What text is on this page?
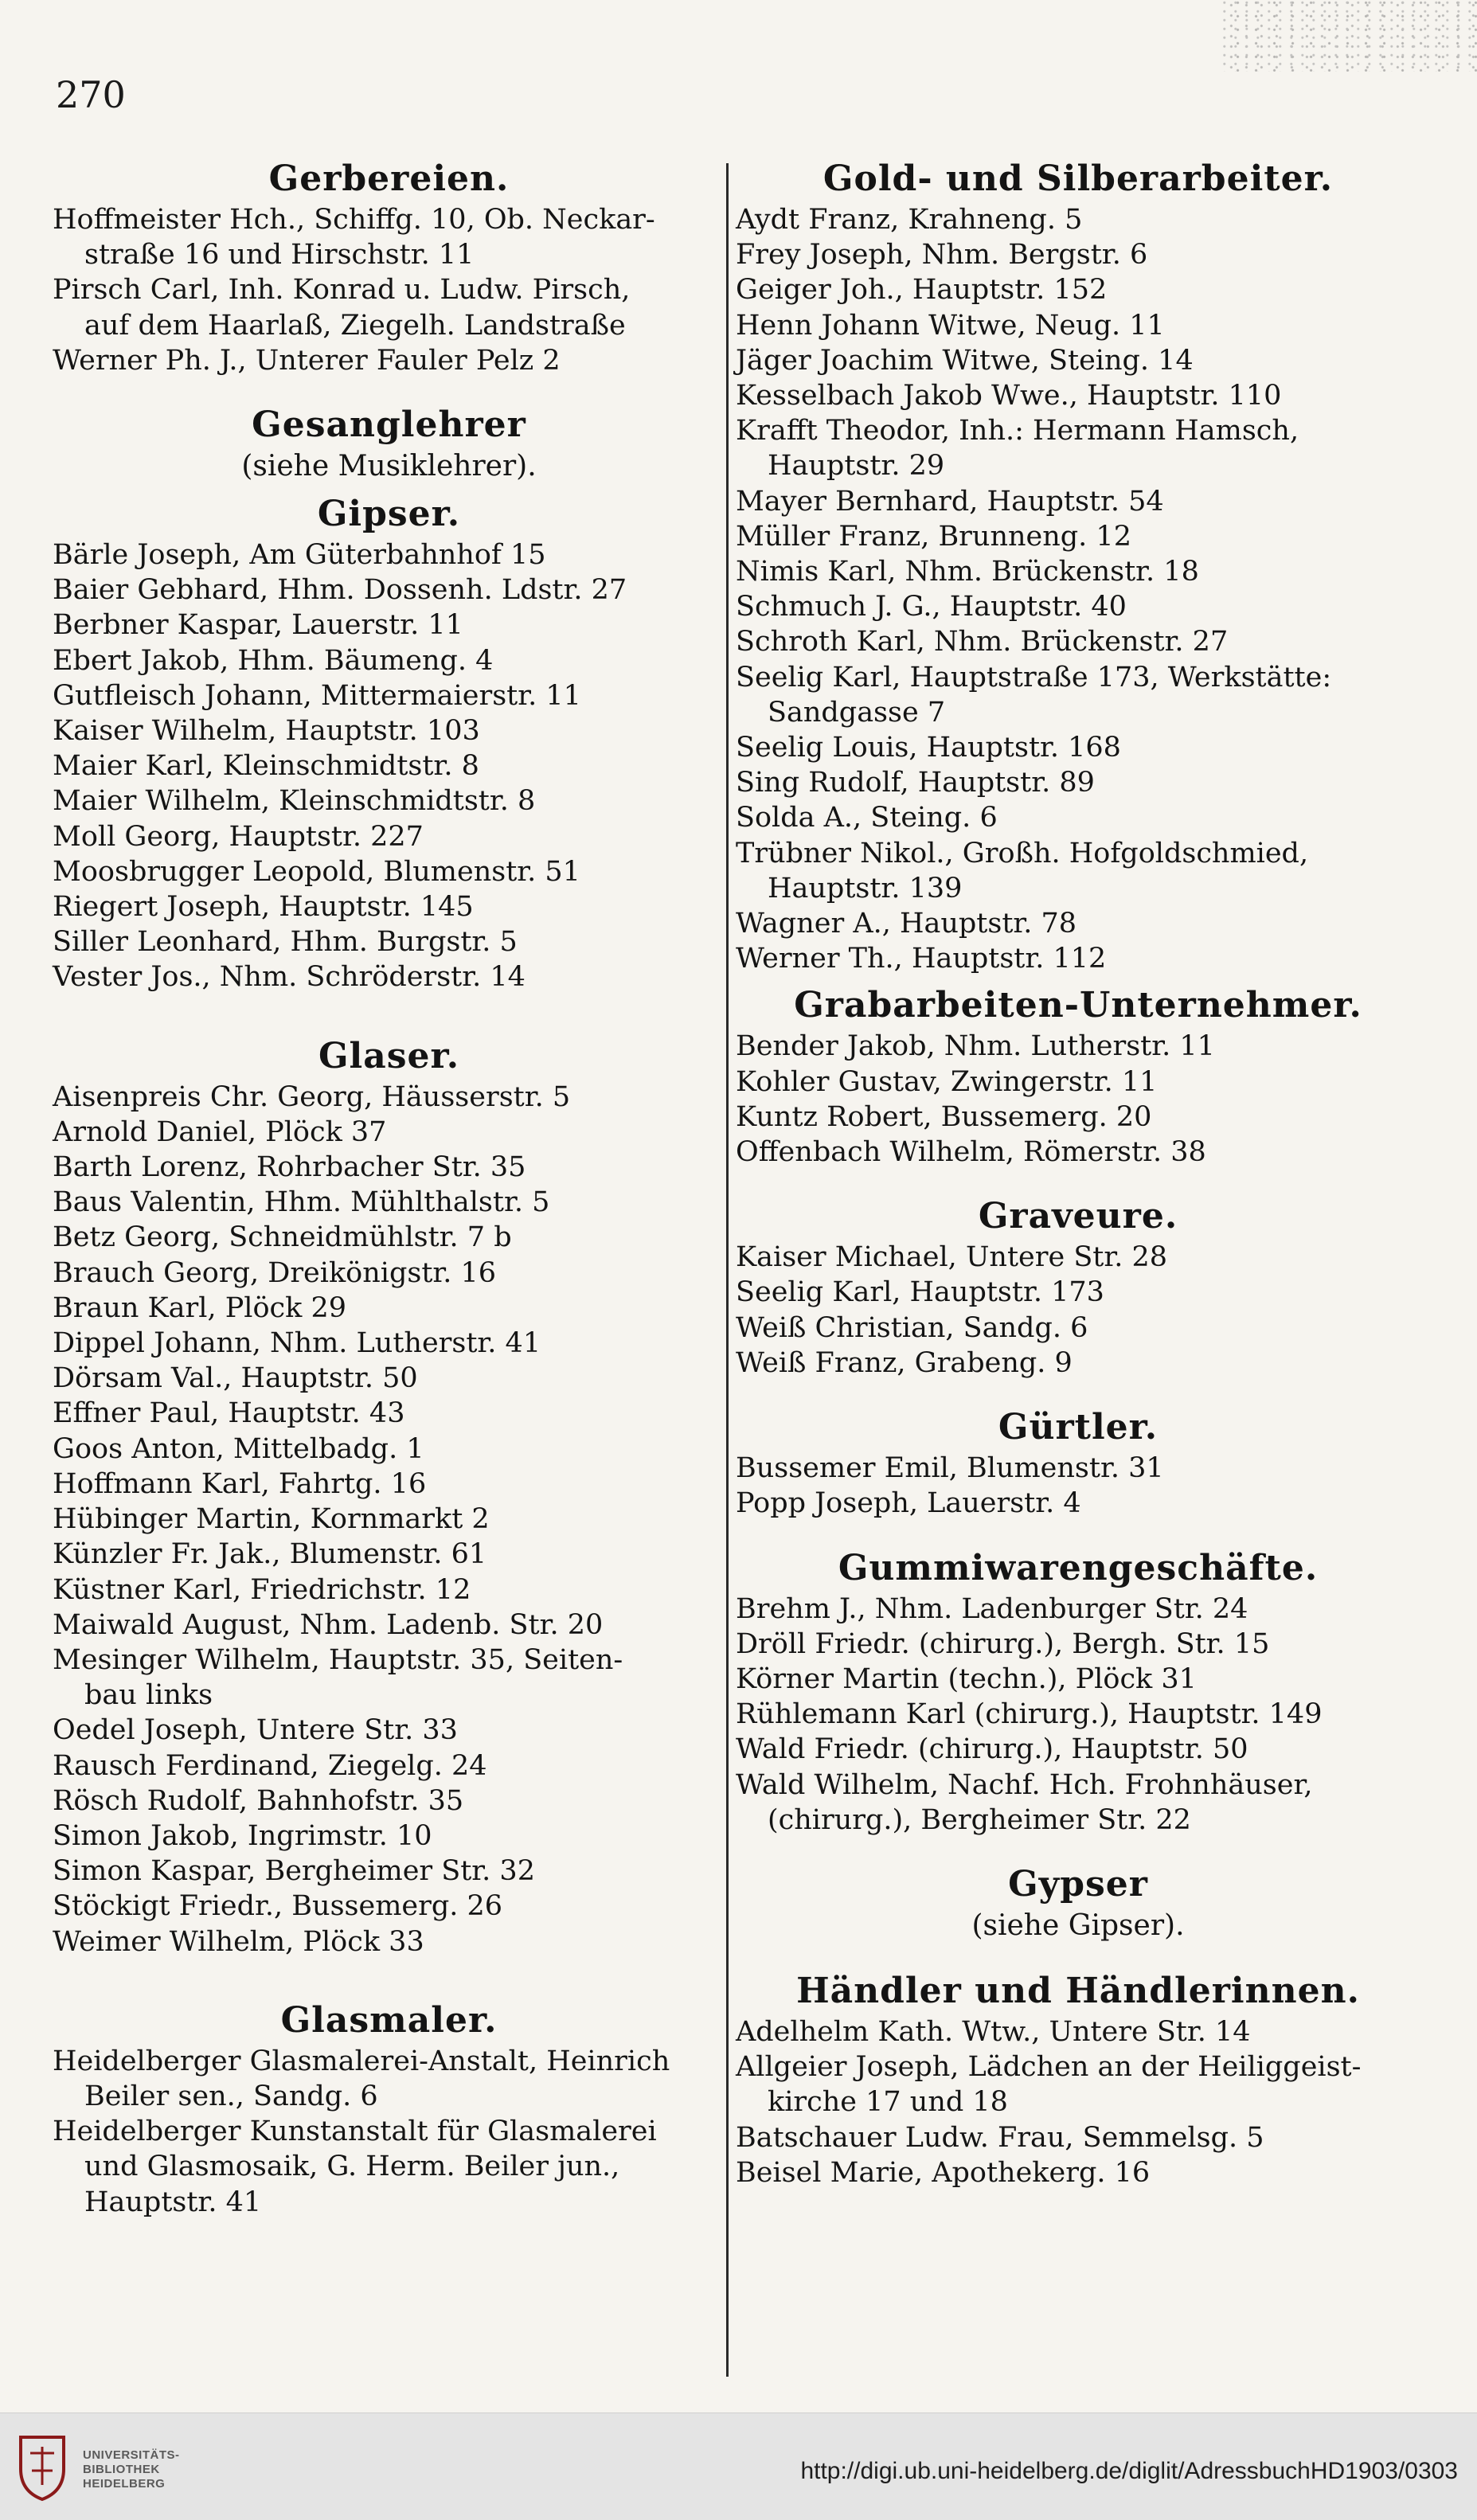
270
Gerbereien.
Hoffmeister Hch., Schiffg. 10, Ob. Neckar-
straße 16 und Hirschstr. 11
Pirsch Carl, Inh. Konrad u. Ludw. Pirsch,
auf dem Haarlaß, Ziegelh. Landstraße
Werner Ph. J., Unterer Fauler Pelz 2
Gesanglehrer
(siehe Musiklehrer).
Gipser.
Bärle Joseph, Am Güterbahnhof 15
Baier Gebhard, Hhm. Dossenh. Ldstr. 27
Berbner Kaspar, Lauerstr. 11
Ebert Jakob, Hhm. Bäumeng. 4
Gutfleisch Johann, Mittermaierstr. 11
Kaiser Wilhelm, Hauptstr. 103
Maier Karl, Kleinschmidtstr. 8
Maier Wilhelm, Kleinschmidtstr. 8
Moll Georg, Hauptstr. 227
Moosbrugger Leopold, Blumenstr. 51
Riegert Joseph, Hauptstr. 145
Siller Leonhard, Hhm. Burgstr. 5
Vester Jos., Nhm. Schröderstr. 14
Glaser.
Aisenpreis Chr. Georg, Häusserstr. 5
Arnold Daniel, Plöck 37
Barth Lorenz, Rohrbacher Str. 35
Baus Valentin, Hhm. Mühlthalstr. 5
Betz Georg, Schneidmühlstr. 7 b
Brauch Georg, Dreikönigstr. 16
Braun Karl, Plöck 29
Dippel Johann, Nhm. Lutherstr. 41
Dörsam Val., Hauptstr. 50
Effner Paul, Hauptstr. 43
Goos Anton, Mittelbadg. 1
Hoffmann Karl, Fahrtg. 16
Hübinger Martin, Kornmarkt 2
Künzler Fr. Jak., Blumenstr. 61
Küstner Karl, Friedrichstr. 12
Maiwald August, Nhm. Ladenb. Str. 20
Mesinger Wilhelm, Hauptstr. 35, Seiten-
bau links
Oedel Joseph, Untere Str. 33
Rausch Ferdinand, Ziegelg. 24
Rösch Rudolf, Bahnhofstr. 35
Simon Jakob, Ingrimstr. 10
Simon Kaspar, Bergheimer Str. 32
Stöckigt Friedr., Bussemerg. 26
Weimer Wilhelm, Plöck 33
Glasmaler.
Heidelberger Glasmalerei-Anstalt, Heinrich
Beiler sen., Sandg. 6
Heidelberger Kunstanstalt für Glasmalerei
und Glasmosaik, G. Herm. Beiler jun.,
Hauptstr. 41
Gold- und Silberarbeiter.
Aydt Franz, Krahneng. 5
Frey Joseph, Nhm. Bergstr. 6
Geiger Joh., Hauptstr. 152
Henn Johann Witwe, Neug. 11
Jäger Joachim Witwe, Steing. 14
Kesselbach Jakob Wwe., Hauptstr. 110
Krafft Theodor, Inh.: Hermann Hamsch,
Hauptstr. 29
Mayer Bernhard, Hauptstr. 54
Müller Franz, Brunneng. 12
Nimis Karl, Nhm. Brückenstr. 18
Schmuch J. G., Hauptstr. 40
Schroth Karl, Nhm. Brückenstr. 27
Seelig Karl, Hauptstraße 173, Werkstätte:
Sandgasse 7
Seelig Louis, Hauptstr. 168
Sing Rudolf, Hauptstr. 89
Solda A., Steing. 6
Trübner Nikol., Großh. Hofgoldschmied,
Hauptstr. 139
Wagner A., Hauptstr. 78
Werner Th., Hauptstr. 112
Grabarbeiten-Unternehmer.
Bender Jakob, Nhm. Lutherstr. 11
Kohler Gustav, Zwingerstr. 11
Kuntz Robert, Bussemerg. 20
Offenbach Wilhelm, Römerstr. 38
Graveure.
Kaiser Michael, Untere Str. 28
Seelig Karl, Hauptstr. 173
Weiß Christian, Sandg. 6
Weiß Franz, Grabeng. 9
Gürtler.
Bussemer Emil, Blumenstr. 31
Popp Joseph, Lauerstr. 4
Gummiwarengeschäfte.
Brehm J., Nhm. Ladenburger Str. 24
Dröll Friedr. (chirurg.), Bergh. Str. 15
Körner Martin (techn.), Plöck 31
Rühlemann Karl (chirurg.), Hauptstr. 149
Wald Friedr. (chirurg.), Hauptstr. 50
Wald Wilhelm, Nachf. Hch. Frohnhäuser,
(chirurg.), Bergheimer Str. 22
Gypser
(siehe Gipser).
Händler und Händlerinnen.
Adelhelm Kath. Wtw., Untere Str. 14
Allgeier Joseph, Lädchen an der Heiliggeist-
kirche 17 und 18
Batschauer Ludw. Frau, Semmelsg. 5
Beisel Marie, Apothekerg. 16
UNIVERSITÄTS-
BIBLIOTHEK
HEIDELBERG	http://digi.ub.uni-heidelberg.de/diglit/AdressbuchHD1903/0303
